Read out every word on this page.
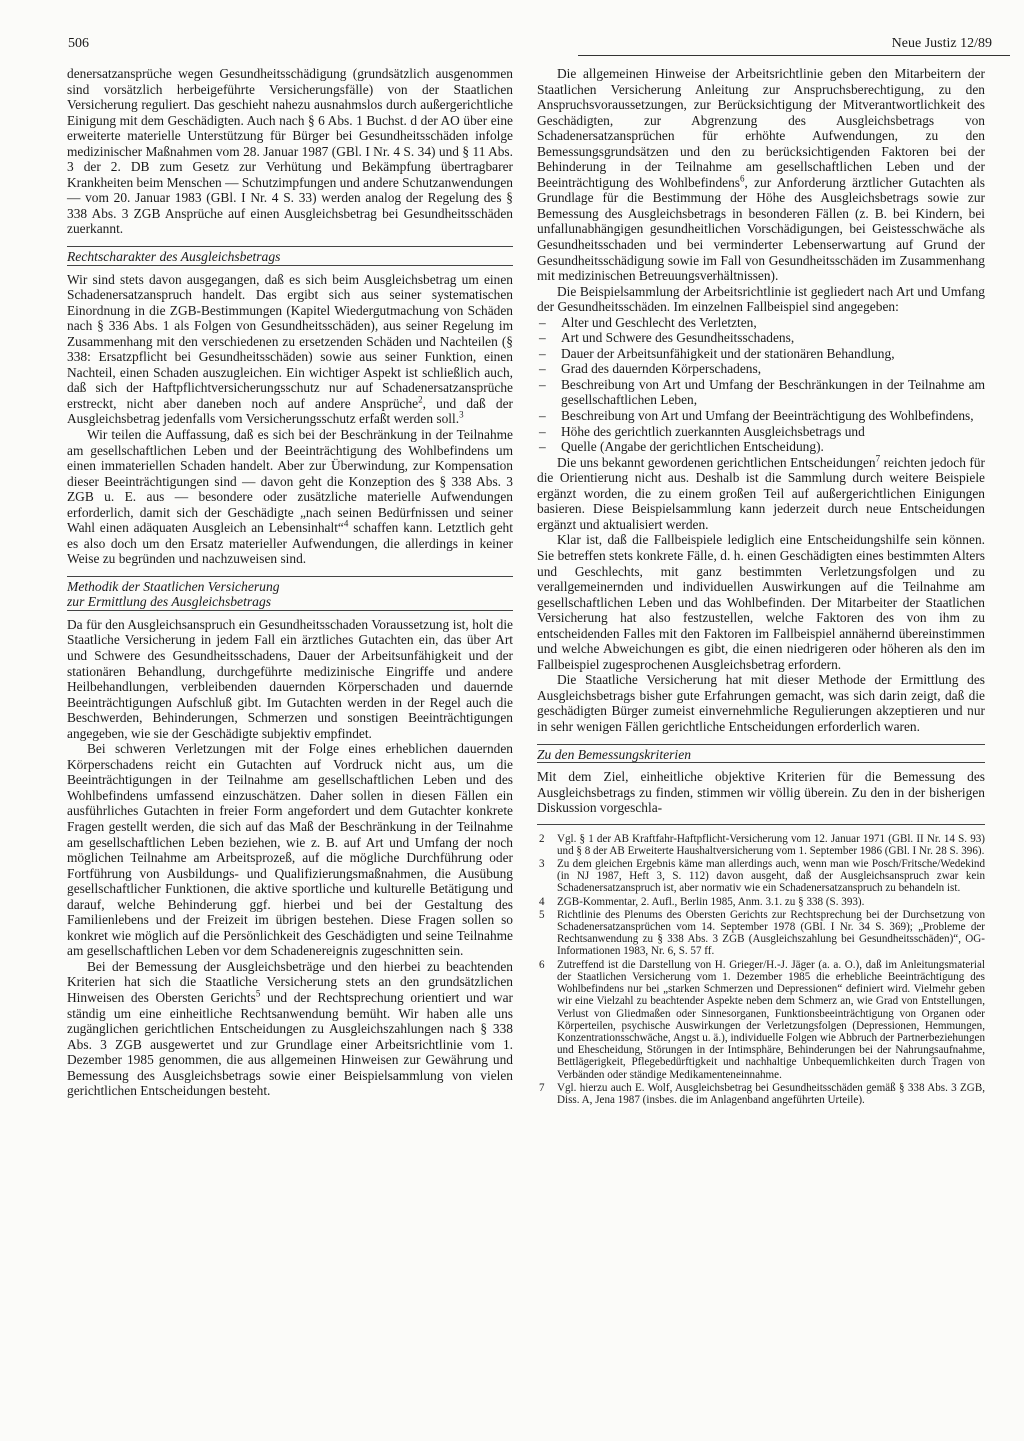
506	Neue Justiz 12/89

denersatzansprüche wegen Gesundheitsschädigung (grundsätzlich ausgenommen sind vorsätzlich herbeigeführte Versicherungsfälle) von der Staatlichen Versicherung reguliert. Das geschieht nahezu ausnahmslos durch außergerichtliche Einigung mit dem Geschädigten. Auch nach § 6 Abs. 1 Buchst. d der AO über eine erweiterte materielle Unterstützung für Bürger bei Gesundheitsschäden infolge medizinischer Maßnahmen vom 28. Januar 1987 (GBl. I Nr. 4 S. 34) und § 11 Abs. 3 der 2. DB zum Gesetz zur Verhütung und Bekämpfung übertragbarer Krankheiten beim Menschen — Schutzimpfungen und andere Schutzanwendungen — vom 20. Januar 1983 (GBl. I Nr. 4 S. 33) werden analog der Regelung des § 338 Abs. 3 ZGB Ansprüche auf einen Ausgleichsbetrag bei Gesundheitsschäden zuerkannt.

Rechtscharakter des Ausgleichsbetrags

Wir sind stets davon ausgegangen, daß es sich beim Ausgleichsbetrag um einen Schadenersatzanspruch handelt. Das ergibt sich aus seiner systematischen Einordnung in die ZGB-Bestimmungen (Kapitel Wiedergutmachung von Schäden nach § 336 Abs. 1 als Folgen von Gesundheitsschäden), aus seiner Regelung im Zusammenhang mit den verschiedenen zu ersetzenden Schäden und Nachteilen (§ 338: Ersatzpflicht bei Gesundheitsschäden) sowie aus seiner Funktion, einen Nachteil, einen Schaden auszugleichen. Ein wichtiger Aspekt ist schließlich auch, daß sich der Haftpflichtversicherungsschutz nur auf Schadenersatzansprüche erstreckt, nicht aber daneben noch auf andere Ansprüche$^2$, und daß der Ausgleichsbetrag jedenfalls vom Versicherungsschutz erfaßt werden soll.$^3$

Wir teilen die Auffassung, daß es sich bei der Beschränkung in der Teilnahme am gesellschaftlichen Leben und der Beeinträchtigung des Wohlbefindens um einen immateriellen Schaden handelt. Aber zur Überwindung, zur Kompensation dieser Beeinträchtigungen sind — davon geht die Konzeption des § 338 Abs. 3 ZGB u. E. aus — besondere oder zusätzliche materielle Aufwendungen erforderlich, damit sich der Geschädigte „nach seinen Bedürfnissen und seiner Wahl einen adäquaten Ausgleich an Lebensinhalt“$^4$ schaffen kann. Letztlich geht es also doch um den Ersatz materieller Aufwendungen, die allerdings in keiner Weise zu begründen und nachzuweisen sind.

Methodik der Staatlichen Versicherung
zur Ermittlung des Ausgleichsbetrags

Da für den Ausgleichsanspruch ein Gesundheitsschaden Voraussetzung ist, holt die Staatliche Versicherung in jedem Fall ein ärztliches Gutachten ein, das über Art und Schwere des Gesundheitsschadens, Dauer der Arbeitsunfähigkeit und der stationären Behandlung, durchgeführte medizinische Eingriffe und andere Heilbehandlungen, verbleibenden dauernden Körperschaden und dauernde Beeinträchtigungen Aufschluß gibt. Im Gutachten werden in der Regel auch die Beschwerden, Behinderungen, Schmerzen und sonstigen Beeinträchtigungen angegeben, wie sie der Geschädigte subjektiv empfindet.

Bei schweren Verletzungen mit der Folge eines erheblichen dauernden Körperschadens reicht ein Gutachten auf Vordruck nicht aus, um die Beeinträchtigungen in der Teilnahme am gesellschaftlichen Leben und des Wohlbefindens umfassend einzuschätzen. Daher sollen in diesen Fällen ein ausführliches Gutachten in freier Form angefordert und dem Gutachter konkrete Fragen gestellt werden, die sich auf das Maß der Beschränkung in der Teilnahme am gesellschaftlichen Leben beziehen, wie z. B. auf Art und Umfang der noch möglichen Teilnahme am Arbeitsprozeß, auf die mögliche Durchführung oder Fortführung von Ausbildungs- und Qualifizierungsmaßnahmen, die Ausübung gesellschaftlicher Funktionen, die aktive sportliche und kulturelle Betätigung und darauf, welche Behinderung ggf. hierbei und bei der Gestaltung des Familienlebens und der Freizeit im übrigen bestehen. Diese Fragen sollen so konkret wie möglich auf die Persönlichkeit des Geschädigten und seine Teilnahme am gesellschaftlichen Leben vor dem Schadenereignis zugeschnitten sein.

Bei der Bemessung der Ausgleichsbeträge und den hierbei zu beachtenden Kriterien hat sich die Staatliche Versicherung stets an den grundsätzlichen Hinweisen des Obersten Gerichts$^5$ und der Rechtsprechung orientiert und war ständig um eine einheitliche Rechtsanwendung bemüht. Wir haben alle uns zugänglichen gerichtlichen Entscheidungen zu Ausgleichszahlungen nach § 338 Abs. 3 ZGB ausgewertet und zur Grundlage einer Arbeitsrichtlinie vom 1. Dezember 1985 genommen, die aus allgemeinen Hinweisen zur Gewährung und Bemessung des Ausgleichsbetrags sowie einer Beispielsammlung von vielen gerichtlichen Entscheidungen besteht.

Die allgemeinen Hinweise der Arbeitsrichtlinie geben den Mitarbeitern der Staatlichen Versicherung Anleitung zur Anspruchsberechtigung, zu den Anspruchsvoraussetzungen, zur Berücksichtigung der Mitverantwortlichkeit des Geschädigten, zur Abgrenzung des Ausgleichsbetrags von Schadenersatzansprüchen für erhöhte Aufwendungen, zu den Bemessungsgrundsätzen und den zu berücksichtigenden Faktoren bei der Behinderung in der Teilnahme am gesellschaftlichen Leben und der Beeinträchtigung des Wohlbefindens$^6$, zur Anforderung ärztlicher Gutachten als Grundlage für die Bestimmung der Höhe des Ausgleichsbetrags sowie zur Bemessung des Ausgleichsbetrags in besonderen Fällen (z. B. bei Kindern, bei unfallunabhängigen gesundheitlichen Vorschädigungen, bei Geistesschwäche als Gesundheitsschaden und bei verminderter Lebenserwartung auf Grund der Gesundheitsschädigung sowie im Fall von Gesundheitsschäden im Zusammenhang mit medizinischen Betreuungsverhältnissen).

Die Beispielsammlung der Arbeitsrichtlinie ist gegliedert nach Art und Umfang der Gesundheitsschäden. Im einzelnen Fallbeispiel sind angegeben:

– Alter und Geschlecht des Verletzten,
– Art und Schwere des Gesundheitsschadens,
– Dauer der Arbeitsunfähigkeit und der stationären Behandlung,
– Grad des dauernden Körperschadens,
– Beschreibung von Art und Umfang der Beschränkungen in der Teilnahme am gesellschaftlichen Leben,
– Beschreibung von Art und Umfang der Beeinträchtigung des Wohlbefindens,
– Höhe des gerichtlich zuerkannten Ausgleichsbetrags und
– Quelle (Angabe der gerichtlichen Entscheidung).

Die uns bekannt gewordenen gerichtlichen Entscheidungen$^7$ reichten jedoch für die Orientierung nicht aus. Deshalb ist die Sammlung durch weitere Beispiele ergänzt worden, die zu einem großen Teil auf außergerichtlichen Einigungen basieren. Diese Beispielsammlung kann jederzeit durch neue Entscheidungen ergänzt und aktualisiert werden.

Klar ist, daß die Fallbeispiele lediglich eine Entscheidungshilfe sein können. Sie betreffen stets konkrete Fälle, d. h. einen Geschädigten eines bestimmten Alters und Geschlechts, mit ganz bestimmten Verletzungsfolgen und zu verallgemeinernden und individuellen Auswirkungen auf die Teilnahme am gesellschaftlichen Leben und das Wohlbefinden. Der Mitarbeiter der Staatlichen Versicherung hat also festzustellen, welche Faktoren des von ihm zu entscheidenden Falles mit den Faktoren im Fallbeispiel annähernd übereinstimmen und welche Abweichungen es gibt, die einen niedrigeren oder höheren als den im Fallbeispiel zugesprochenen Ausgleichsbetrag erfordern.

Die Staatliche Versicherung hat mit dieser Methode der Ermittlung des Ausgleichsbetrags bisher gute Erfahrungen gemacht, was sich darin zeigt, daß die geschädigten Bürger zumeist einvernehmliche Regulierungen akzeptieren und nur in sehr wenigen Fällen gerichtliche Entscheidungen erforderlich waren.

Zu den Bemessungskriterien

Mit dem Ziel, einheitliche objektive Kriterien für die Bemessung des Ausgleichsbetrags zu finden, stimmen wir völlig überein. Zu den in der bisherigen Diskussion vorgeschla-

2 Vgl. § 1 der AB Kraftfahr-Haftpflicht-Versicherung vom 12. Januar 1971 (GBl. II Nr. 14 S. 93) und § 8 der AB Erweiterte Haushaltversicherung vom 1. September 1986 (GBl. I Nr. 28 S. 396).
3 Zu dem gleichen Ergebnis käme man allerdings auch, wenn man wie Posch/Fritsche/Wedekind (in NJ 1987, Heft 3, S. 112) davon ausgeht, daß der Ausgleichsanspruch zwar kein Schadenersatzanspruch ist, aber normativ wie ein Schadenersatzanspruch zu behandeln ist.
4 ZGB-Kommentar, 2. Aufl., Berlin 1985, Anm. 3.1. zu § 338 (S. 393).
5 Richtlinie des Plenums des Obersten Gerichts zur Rechtsprechung bei der Durchsetzung von Schadenersatzansprüchen vom 14. September 1978 (GBl. I Nr. 34 S. 369); „Probleme der Rechtsanwendung zu § 338 Abs. 3 ZGB (Ausgleichszahlung bei Gesundheitsschäden)“, OG-Informationen 1983, Nr. 6, S. 57 ff.
6 Zutreffend ist die Darstellung von H. Grieger/H.-J. Jäger (a. a. O.), daß im Anleitungsmaterial der Staatlichen Versicherung vom 1. Dezember 1985 die erhebliche Beeinträchtigung des Wohlbefindens nur bei „starken Schmerzen und Depressionen“ definiert wird. Vielmehr geben wir eine Vielzahl zu beachtender Aspekte neben dem Schmerz an, wie Grad von Entstellungen, Verlust von Gliedmaßen oder Sinnesorganen, Funktionsbeeinträchtigung von Organen oder Körperteilen, psychische Auswirkungen der Verletzungsfolgen (Depressionen, Hemmungen, Konzentrationsschwäche, Angst u. ä.), individuelle Folgen wie Abbruch der Partnerbeziehungen und Ehescheidung, Störungen in der Intimsphäre, Behinderungen bei der Nahrungsaufnahme, Bettlägerigkeit, Pflegebedürftigkeit und nachhaltige Unbequemlichkeiten durch Tragen von Verbänden oder ständige Medikamenteneinnahme.
7 Vgl. hierzu auch E. Wolf, Ausgleichsbetrag bei Gesundheitsschäden gemäß § 338 Abs. 3 ZGB, Diss. A, Jena 1987 (insbes. die im Anlagenband angeführten Urteile).
